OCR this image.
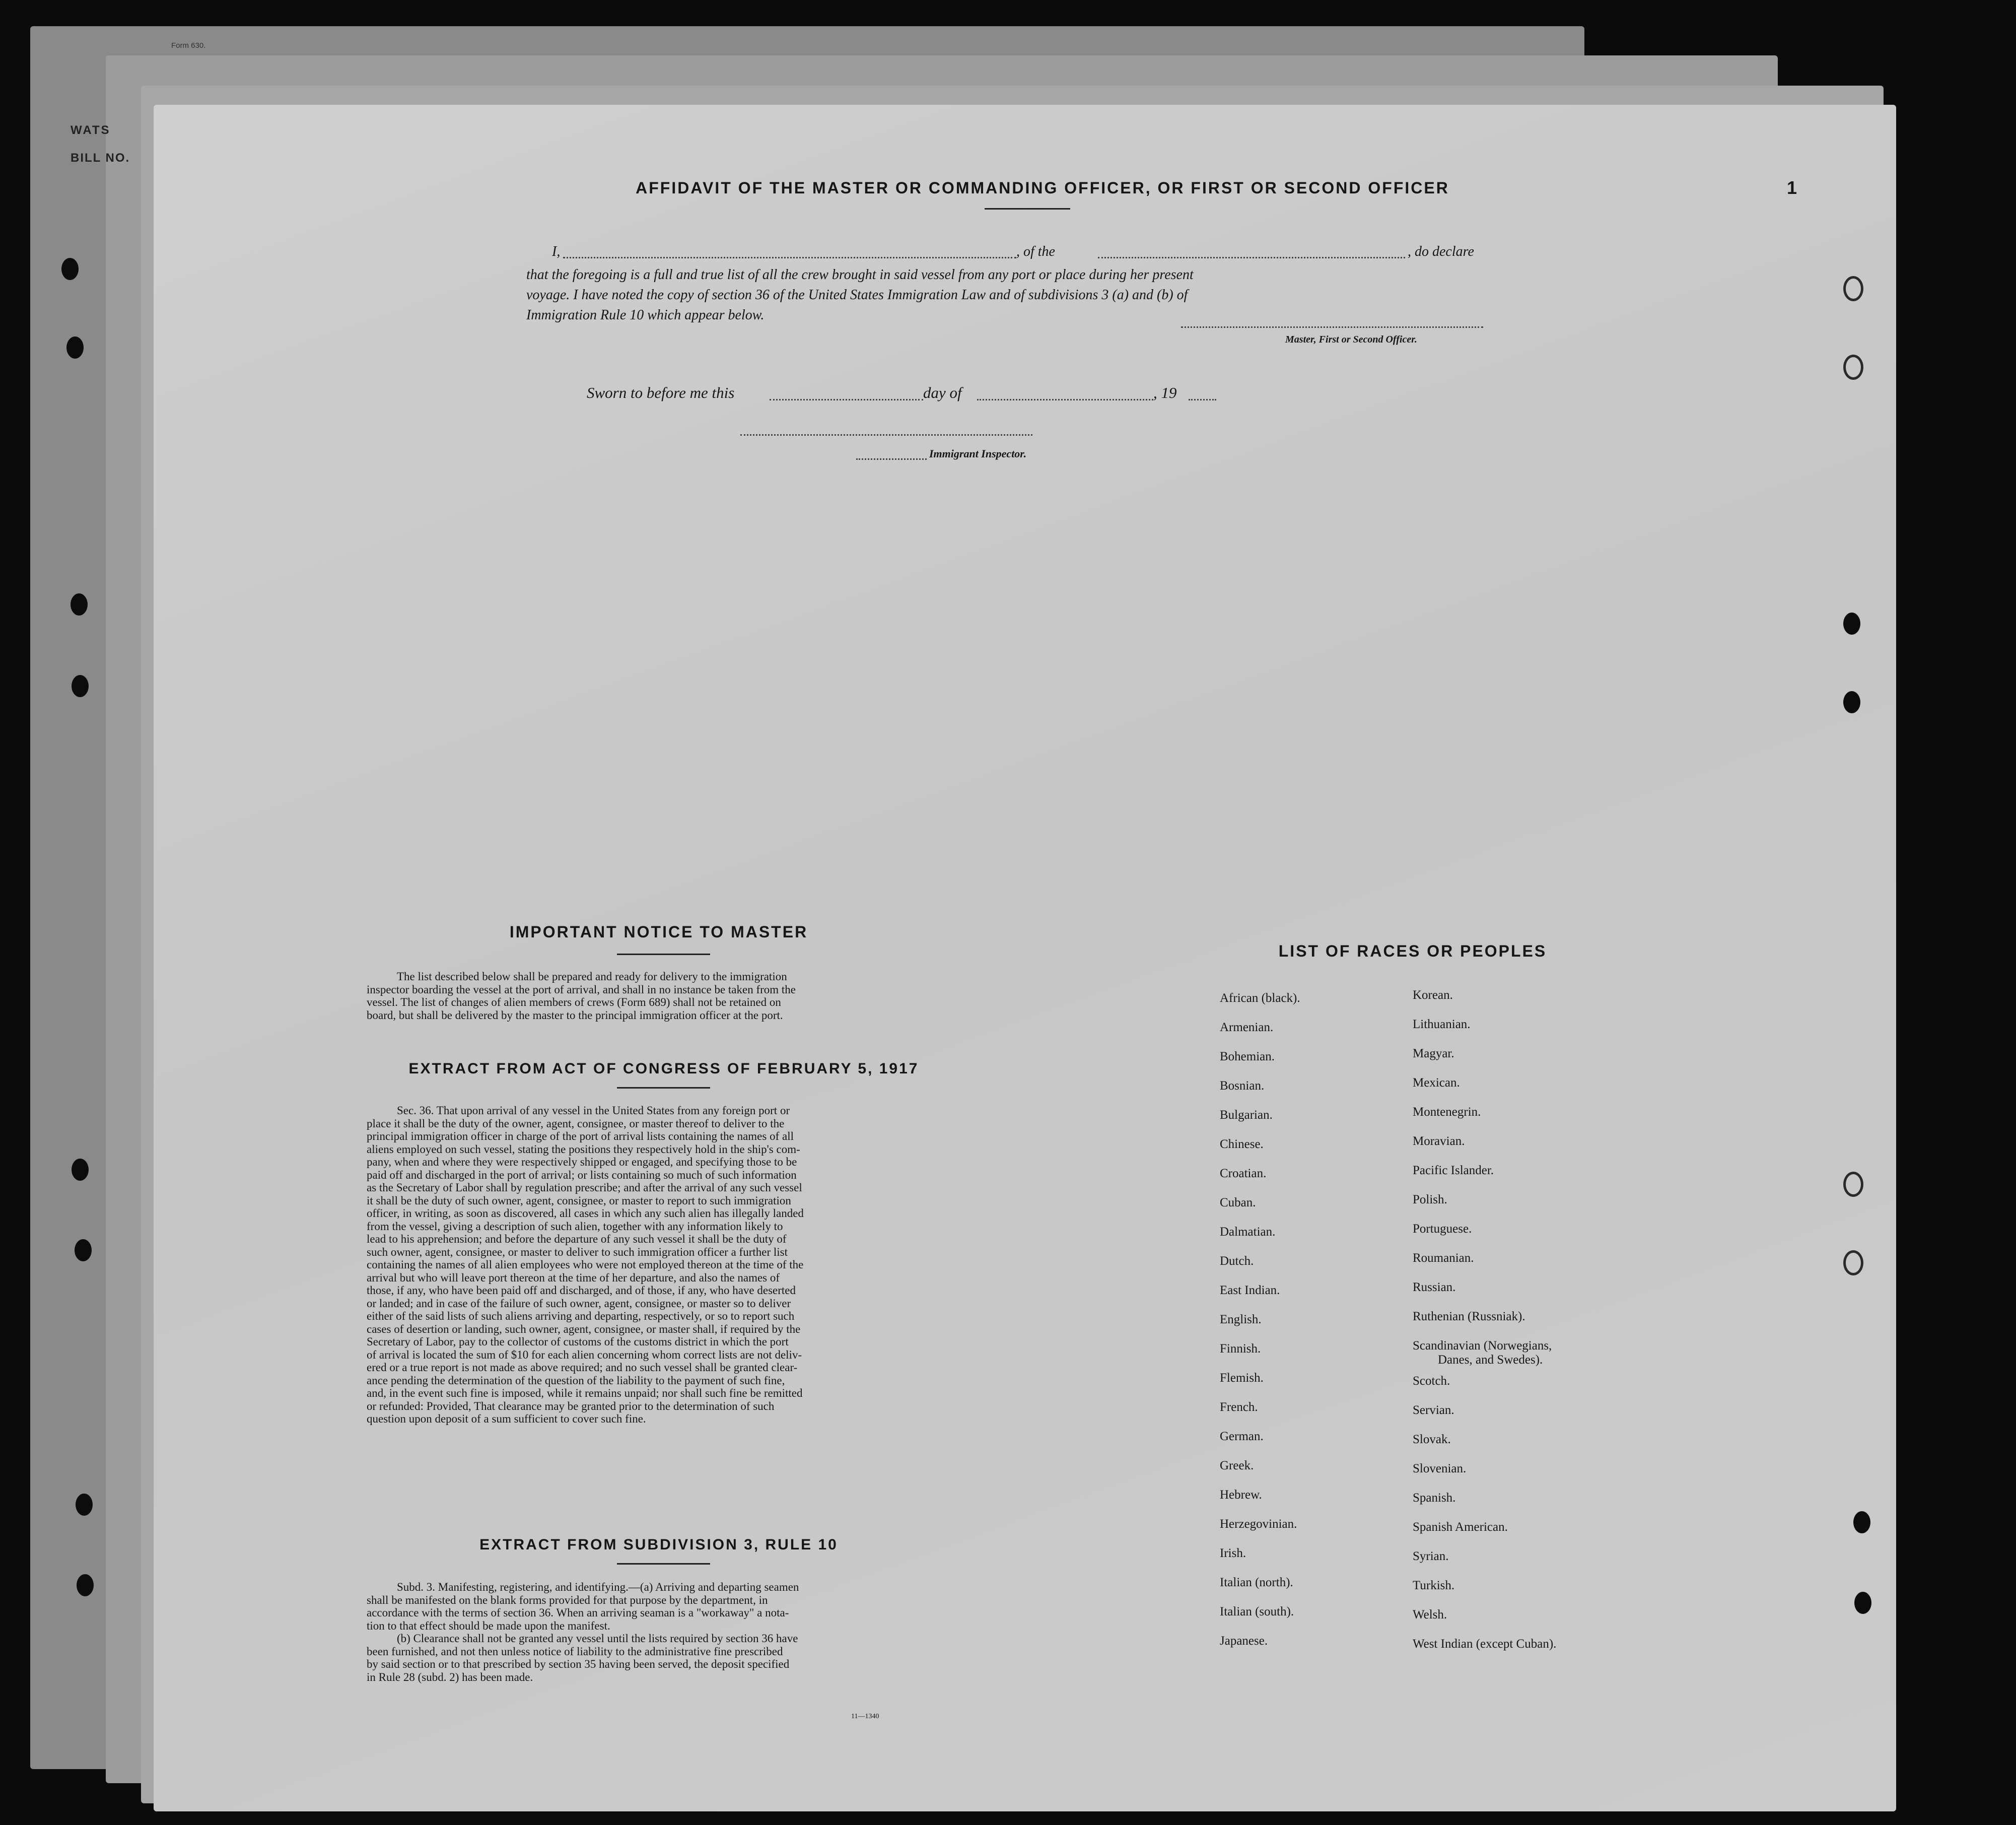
Form 630.
WATS
BILL NO.
AFFIDAVIT OF THE MASTER OR COMMANDING OFFICER, OR FIRST OR SECOND OFFICER	1
I,	, of the	, do declare
that the foregoing is a full and true list of all the crew brought in said vessel from any port or place during her present
voyage. I have noted the copy of section 36 of the United States Immigration Law and of subdivisions 3 (a) and (b) of
Immigration Rule 10 which appear below.
Master, First or Second Officer.
Sworn to before me this	day of	, 19
Immigrant Inspector.
IMPORTANT NOTICE TO MASTER
The list described below shall be prepared and ready for delivery to the immigration
inspector boarding the vessel at the port of arrival, and shall in no instance be taken from the
vessel. The list of changes of alien members of crews (Form 689) shall not be retained on
board, but shall be delivered by the master to the principal immigration officer at the port.
EXTRACT FROM ACT OF CONGRESS OF FEBRUARY 5, 1917
Sec. 36. That upon arrival of any vessel in the United States from any foreign port or
place it shall be the duty of the owner, agent, consignee, or master thereof to deliver to the
principal immigration officer in charge of the port of arrival lists containing the names of all
aliens employed on such vessel, stating the positions they respectively hold in the ship's com-
pany, when and where they were respectively shipped or engaged, and specifying those to be
paid off and discharged in the port of arrival; or lists containing so much of such information
as the Secretary of Labor shall by regulation prescribe; and after the arrival of any such vessel
it shall be the duty of such owner, agent, consignee, or master to report to such immigration
officer, in writing, as soon as discovered, all cases in which any such alien has illegally landed
from the vessel, giving a description of such alien, together with any information likely to
lead to his apprehension; and before the departure of any such vessel it shall be the duty of
such owner, agent, consignee, or master to deliver to such immigration officer a further list
containing the names of all alien employees who were not employed thereon at the time of the
arrival but who will leave port thereon at the time of her departure, and also the names of
those, if any, who have been paid off and discharged, and of those, if any, who have deserted
or landed; and in case of the failure of such owner, agent, consignee, or master so to deliver
either of the said lists of such aliens arriving and departing, respectively, or so to report such
cases of desertion or landing, such owner, agent, consignee, or master shall, if required by the
Secretary of Labor, pay to the collector of customs of the customs district in which the port
of arrival is located the sum of $10 for each alien concerning whom correct lists are not deliv-
ered or a true report is not made as above required; and no such vessel shall be granted clear-
ance pending the determination of the question of the liability to the payment of such fine,
and, in the event such fine is imposed, while it remains unpaid; nor shall such fine be remitted
or refunded: Provided, That clearance may be granted prior to the determination of such
question upon deposit of a sum sufficient to cover such fine.
EXTRACT FROM SUBDIVISION 3, RULE 10
Subd. 3. Manifesting, registering, and identifying.—(a) Arriving and departing seamen
shall be manifested on the blank forms provided for that purpose by the department, in
accordance with the terms of section 36. When an arriving seaman is a "workaway" a nota-
tion to that effect should be made upon the manifest.
(b) Clearance shall not be granted any vessel until the lists required by section 36 have
been furnished, and not then unless notice of liability to the administrative fine prescribed
by said section or to that prescribed by section 35 having been served, the deposit specified
in Rule 28 (subd. 2) has been made.
11—1340
LIST OF RACES OR PEOPLES
African (black).
Armenian.
Bohemian.
Bosnian.
Bulgarian.
Chinese.
Croatian.
Cuban.
Dalmatian.
Dutch.
East Indian.
English.
Finnish.
Flemish.
French.
German.
Greek.
Hebrew.
Herzegovinian.
Irish.
Italian (north).
Italian (south).
Japanese.
Korean.
Lithuanian.
Magyar.
Mexican.
Montenegrin.
Moravian.
Pacific Islander.
Polish.
Portuguese.
Roumanian.
Russian.
Ruthenian (Russniak).
Scandinavian (Norwegians,
Danes, and Swedes).
Scotch.
Servian.
Slovak.
Slovenian.
Spanish.
Spanish American.
Syrian.
Turkish.
Welsh.
West Indian (except Cuban).
